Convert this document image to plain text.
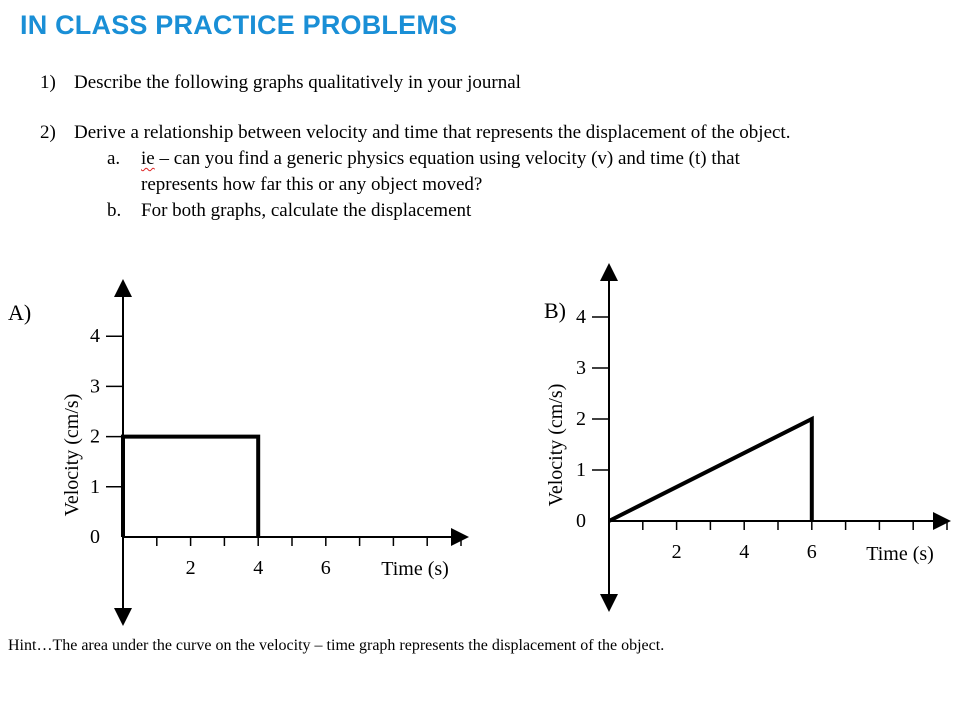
IN CLASS PRACTICE PROBLEMS
1) Describe the following graphs qualitatively in your journal
2) Derive a relationship between velocity and time that represents the displacement of the object.
a. ie – can you find a generic physics equation using velocity (v) and time (t) that
represents how far this or any object moved?
b. For both graphs, calculate the displacement
A)
2	4	6
0
1
2
3
4
Time (s)
Velocity (cm/s)
B)
2	4	6
0
1
2
3
4
Time (s)
Velocity (cm/s)
Hint…The area under the curve on the velocity – time graph represents the displacement of the object.
